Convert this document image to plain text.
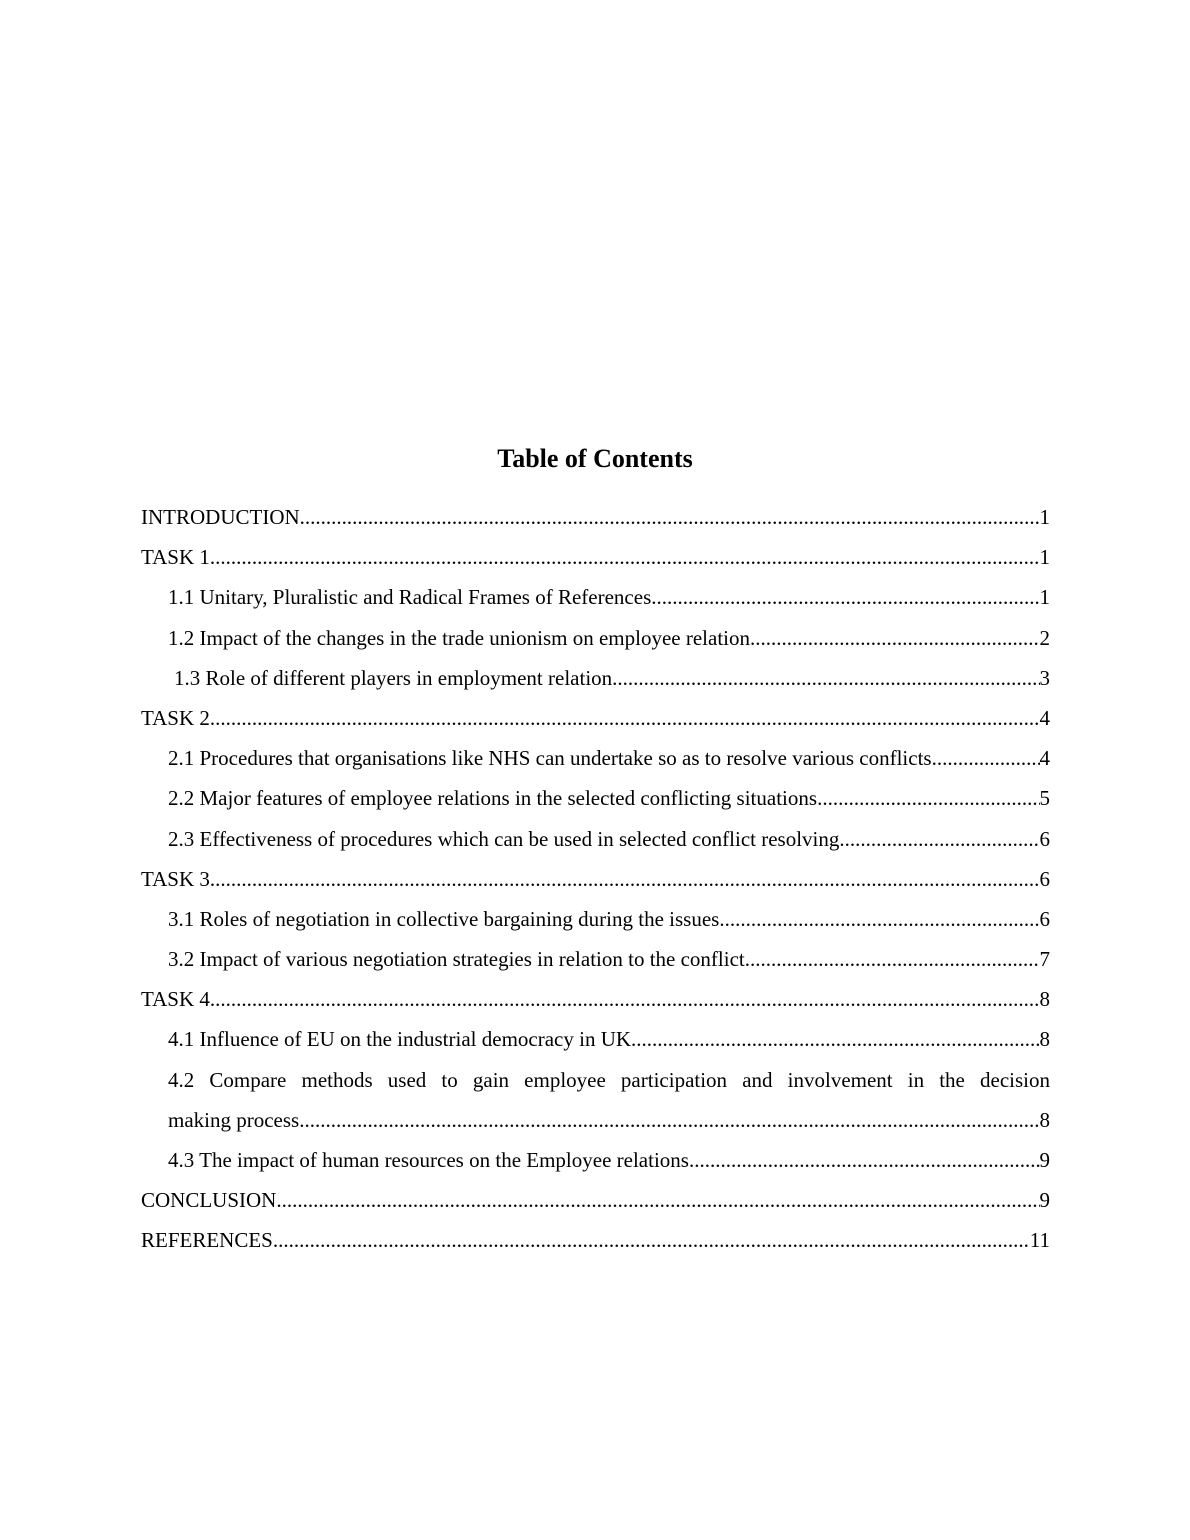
Table of Contents
INTRODUCTION .....	1
TASK 1 .....	1
1.1 Unitary, Pluralistic and Radical Frames of References .....	1
1.2 Impact of the changes in the trade unionism on employee relation .....	2
1.3 Role of different players in employment relation .....	3
TASK 2 .....	4
2.1 Procedures that organisations like NHS can undertake so as to resolve various conflicts.. .....	4
2.2 Major features of employee relations in the selected conflicting situations .....	5
2.3 Effectiveness of procedures which can be used in selected conflict resolving .....	6
TASK 3 .....	6
3.1 Roles of negotiation in collective bargaining during the issues .....	6
3.2 Impact of various negotiation strategies in relation to the conflict .....	7
TASK 4 .....	8
4.1 Influence of EU on the industrial democracy in UK .....	8
4.2 Compare methods used to gain employee participation and involvement in the decision
making process .....	8
4.3 The impact of human resources on the Employee relations .....	9
CONCLUSION .....	9
REFERENCES .....	11
